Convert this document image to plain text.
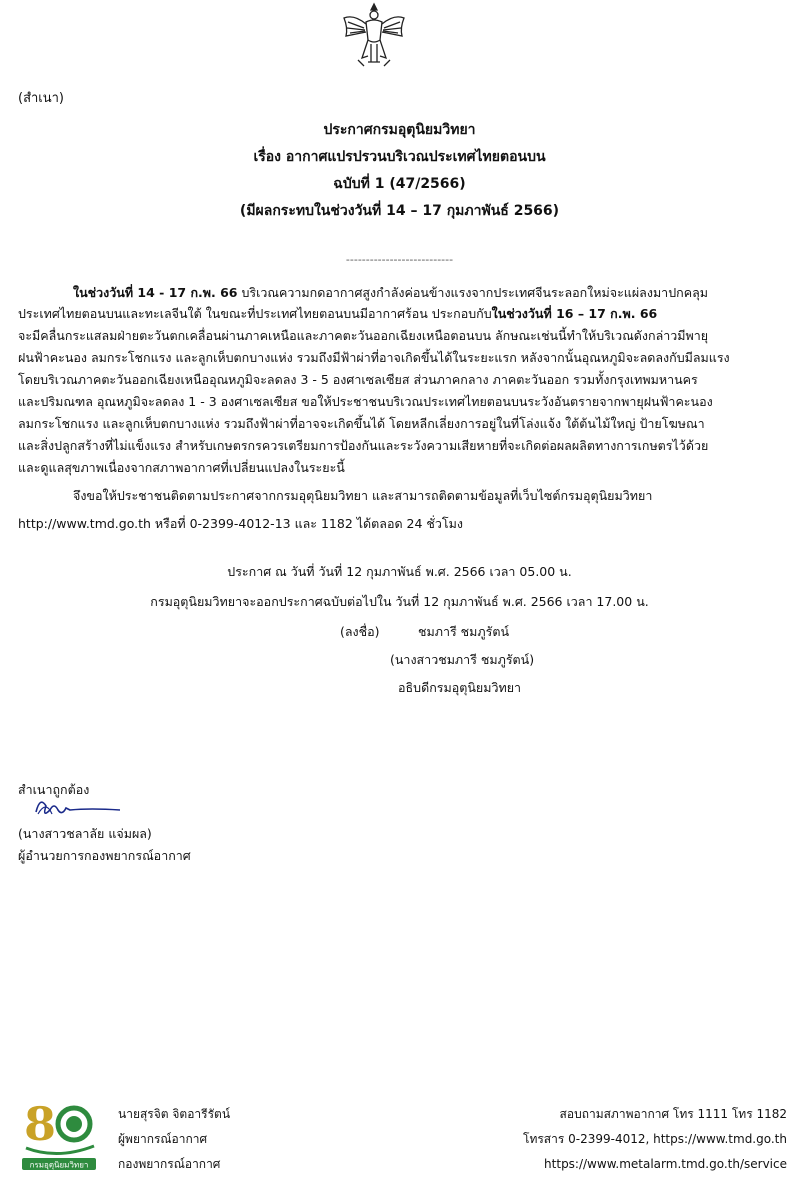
(สำเนา)
ประกาศกรมอุตุนิยมวิทยา
เรื่อง อากาศแปรปรวนบริเวณประเทศไทยตอนบน
ฉบับที่ 1 (47/2566)
(มีผลกระทบในช่วงวันที่ 14 – 17 กุมภาพันธ์ 2566)
---------------------------
ในช่วงวันที่ 14 - 17 ก.พ. 66 บริเวณความกดอากาศสูงกำลังค่อนข้างแรงจากประเทศจีนระลอกใหม่จะแผ่ลงมาปกคลุม
ประเทศไทยตอนบนและทะเลจีนใต้ ในขณะที่ประเทศไทยตอนบนมีอากาศร้อน ประกอบกับในช่วงวันที่ 16 – 17 ก.พ. 66
จะมีคลื่นกระแสลมฝ่ายตะวันตกเคลื่อนผ่านภาคเหนือและภาคตะวันออกเฉียงเหนือตอนบน ลักษณะเช่นนี้ทำให้บริเวณดังกล่าวมีพายุ
ฝนฟ้าคะนอง ลมกระโชกแรง และลูกเห็บตกบางแห่ง รวมถึงมีฟ้าผ่าที่อาจเกิดขึ้นได้ในระยะแรก หลังจากนั้นอุณหภูมิจะลดลงกับมีลมแรง
โดยบริเวณภาคตะวันออกเฉียงเหนืออุณหภูมิจะลดลง 3 - 5 องศาเซลเซียส ส่วนภาคกลาง ภาคตะวันออก รวมทั้งกรุงเทพมหานคร
และปริมณฑล อุณหภูมิจะลดลง 1 - 3 องศาเซลเซียส ขอให้ประชาชนบริเวณประเทศไทยตอนบนระวังอันตรายจากพายุฝนฟ้าคะนอง
ลมกระโชกแรง และลูกเห็บตกบางแห่ง รวมถึงฟ้าผ่าที่อาจจะเกิดขึ้นได้ โดยหลีกเลี่ยงการอยู่ในที่โล่งแจ้ง ใต้ต้นไม้ใหญ่ ป้ายโฆษณา
และสิ่งปลูกสร้างที่ไม่แข็งแรง สำหรับเกษตรกรควรเตรียมการป้องกันและระวังความเสียหายที่จะเกิดต่อผลผลิตทางการเกษตรไว้ด้วย
และดูแลสุขภาพเนื่องจากสภาพอากาศที่เปลี่ยนแปลงในระยะนี้
จึงขอให้ประชาชนติดตามประกาศจากกรมอุตุนิยมวิทยา และสามารถติดตามข้อมูลที่เว็บไซต์กรมอุตุนิยมวิทยา
http://www.tmd.go.th หรือที่ 0-2399-4012-13 และ 1182 ได้ตลอด 24 ชั่วโมง
ประกาศ ณ วันที่ วันที่ 12 กุมภาพันธ์ พ.ศ. 2566 เวลา 05.00 น.
กรมอุตุนิยมวิทยาจะออกประกาศฉบับต่อไปใน วันที่ 12 กุมภาพันธ์ พ.ศ. 2566 เวลา 17.00 น.
(ลงชื่อ)	ชมภารี ชมภูรัตน์
(นางสาวชมภารี ชมภูรัตน์)
อธิบดีกรมอุตุนิยมวิทยา
สำเนาถูกต้อง
(นางสาวชลาลัย แจ่มผล)
ผู้อำนวยการกองพยากรณ์อากาศ
8
กรมอุตุนิยมวิทยา
นายสุรจิต จิตอารีรัตน์
ผู้พยากรณ์อากาศ
กองพยากรณ์อากาศ
สอบถามสภาพอากาศ โทร 1111 โทร 1182
โทรสาร 0-2399-4012, https://www.tmd.go.th
https://www.metalarm.tmd.go.th/service
